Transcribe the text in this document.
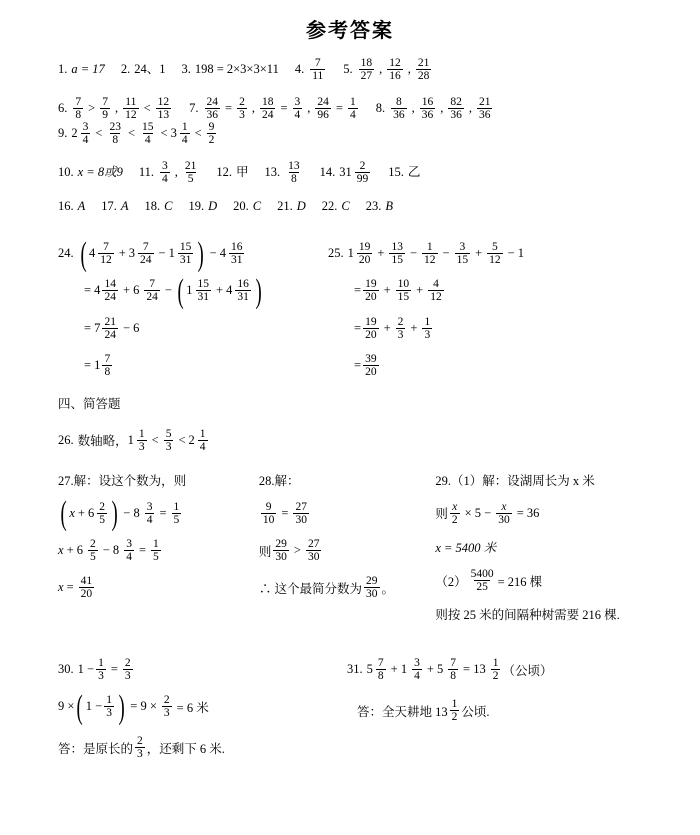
参考答案
1. a = 17 2. 24、1 3. 198 = 2×3×3×11 4. $\frac{7}{11} 5$. $\frac{18}{27}$ , $\frac{12}{16}$ , $\frac{21}{28}$
6. $\frac{7}{8} > \frac{7}{9}$ , $\frac{11}{12} < \frac{12}{13} 7$. $\frac{24}{36} = \frac{2}{3}$ , $\frac{18}{24} = \frac{3}{4}$ , $\frac{24}{96} = \frac{1}{4} 8$. $\frac{8}{36}$ , $\frac{16}{36}$ , $\frac{82}{36}$ , $\frac{21}{36}$
9. $2 \frac{3}{4} < \frac{23}{8} < \frac{15}{4} < 3 \frac{1}{4} < \frac{9}{2}$
10. x = 8或9 11. $\frac{3}{4}$ , $\frac{21}{5} 12$. 甲 13. $\frac{13}{8} 14$. $31 \frac{2}{99} 15$. 乙
16. A 17. A 18. C 19. D 20. C 21. D 22. C 23. B
24. ( $4 \frac{7}{12} + 3 \frac{7}{24} - 1 \frac{15}{31}$ ) − $4 \frac{16}{31}$
= $4 \frac{14}{24} + 6 \frac{7}{24}$ − ( $1 \frac{15}{31} + 4 \frac{16}{31}$ )
= $7 \frac{21}{24} - 6$
= $1 \frac{7}{8}$
25. $1 \frac{19}{20} + \frac{13}{15} - \frac{1}{12} - \frac{3}{15} + \frac{5}{12} - 1$
= $\frac{19}{20} + \frac{10}{15} + \frac{4}{12}$
= $\frac{19}{20} + \frac{2}{3} + \frac{1}{3}$
= $\frac{39}{20}$
四、简答题
26. 数轴略， $1 \frac{1}{3} < \frac{5}{3} < 2 \frac{1}{4}$
27.解：设这个数为，则
( $x + 6 \frac{2}{5}$ ) − $8 \frac{3}{4} = \frac{1}{5}$
$x + 6 \frac{2}{5} - 8 \frac{3}{4} = \frac{1}{5}$
$x = \frac{41}{20}$
28.解：
$\frac{9}{10} = \frac{27}{30}$
则 $\frac{29}{30} > \frac{27}{30}$
∴ 这个最简分数为 $\frac{29}{30}$ 。
29.（1）解：设湖周长为 x 米
则 $\frac{x}{2} \times 5 - \frac{x}{30} = 36$
x = 5400 米
$(2) \frac{5400}{25} = 216$ 棵
则按 25 米的间隔种树需要 216 棵.
30. $1 - \frac{1}{3} = \frac{2}{3}$
9 × ( $1 - \frac{1}{3}$ ) = $9 \times \frac{2}{3} = 6$ 米
答：是原长的 $\frac{2}{3}$ ，还剩下 6 米.
31. $5 \frac{7}{8} + 1 \frac{3}{4} + 5 \frac{7}{8} = 13 \frac{1}{2}$ （公顷）
答：全天耕地 $13 \frac{1}{2}$ 公顷.
